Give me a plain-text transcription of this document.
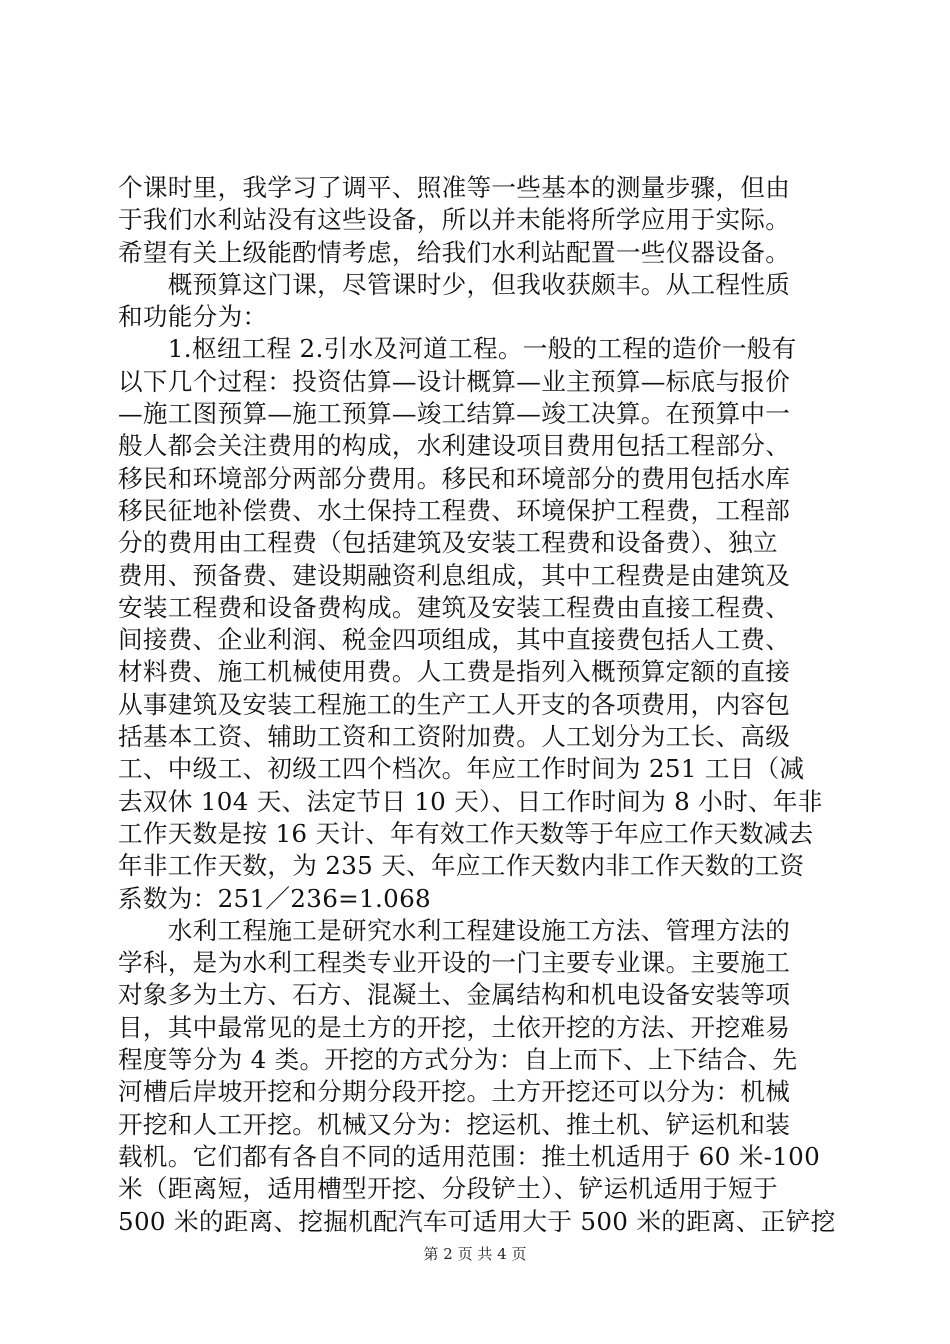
个课时里，我学习了调平、照准等一些基本的测量步骤，但由
于我们水利站没有这些设备，所以并未能将所学应用于实际。
希望有关上级能酌情考虑，给我们水利站配置一些仪器设备。
　　概预算这门课，尽管课时少，但我收获颇丰。从工程性质
和功能分为：
　　1.枢纽工程 2.引水及河道工程。一般的工程的造价一般有
以下几个过程：投资估算—设计概算—业主预算—标底与报价
—施工图预算—施工预算—竣工结算—竣工决算。在预算中一
般人都会关注费用的构成，水利建设项目费用包括工程部分、
移民和环境部分两部分费用。移民和环境部分的费用包括水库
移民征地补偿费、水土保持工程费、环境保护工程费，工程部
分的费用由工程费（包括建筑及安装工程费和设备费）、独立
费用、预备费、建设期融资利息组成，其中工程费是由建筑及
安装工程费和设备费构成。建筑及安装工程费由直接工程费、
间接费、企业利润、税金四项组成，其中直接费包括人工费、
材料费、施工机械使用费。人工费是指列入概预算定额的直接
从事建筑及安装工程施工的生产工人开支的各项费用，内容包
括基本工资、辅助工资和工资附加费。人工划分为工长、高级
工、中级工、初级工四个档次。年应工作时间为 251 工日（减
去双休 104 天、法定节日 10 天）、日工作时间为 8 小时、年非
工作天数是按 16 天计、年有效工作天数等于年应工作天数减去
年非工作天数，为 235 天、年应工作天数内非工作天数的工资
系数为：251／236=1.068
　　水利工程施工是研究水利工程建设施工方法、管理方法的
学科，是为水利工程类专业开设的一门主要专业课。主要施工
对象多为土方、石方、混凝土、金属结构和机电设备安装等项
目，其中最常见的是土方的开挖，土依开挖的方法、开挖难易
程度等分为 4 类。开挖的方式分为：自上而下、上下结合、先
河槽后岸坡开挖和分期分段开挖。土方开挖还可以分为：机械
开挖和人工开挖。机械又分为：挖运机、推土机、铲运机和装
载机。它们都有各自不同的适用范围：推土机适用于 60 米-100
米（距离短，适用槽型开挖、分段铲土）、铲运机适用于短于
500 米的距离、挖掘机配汽车可适用大于 500 米的距离、正铲挖
第 2 页 共 4 页
